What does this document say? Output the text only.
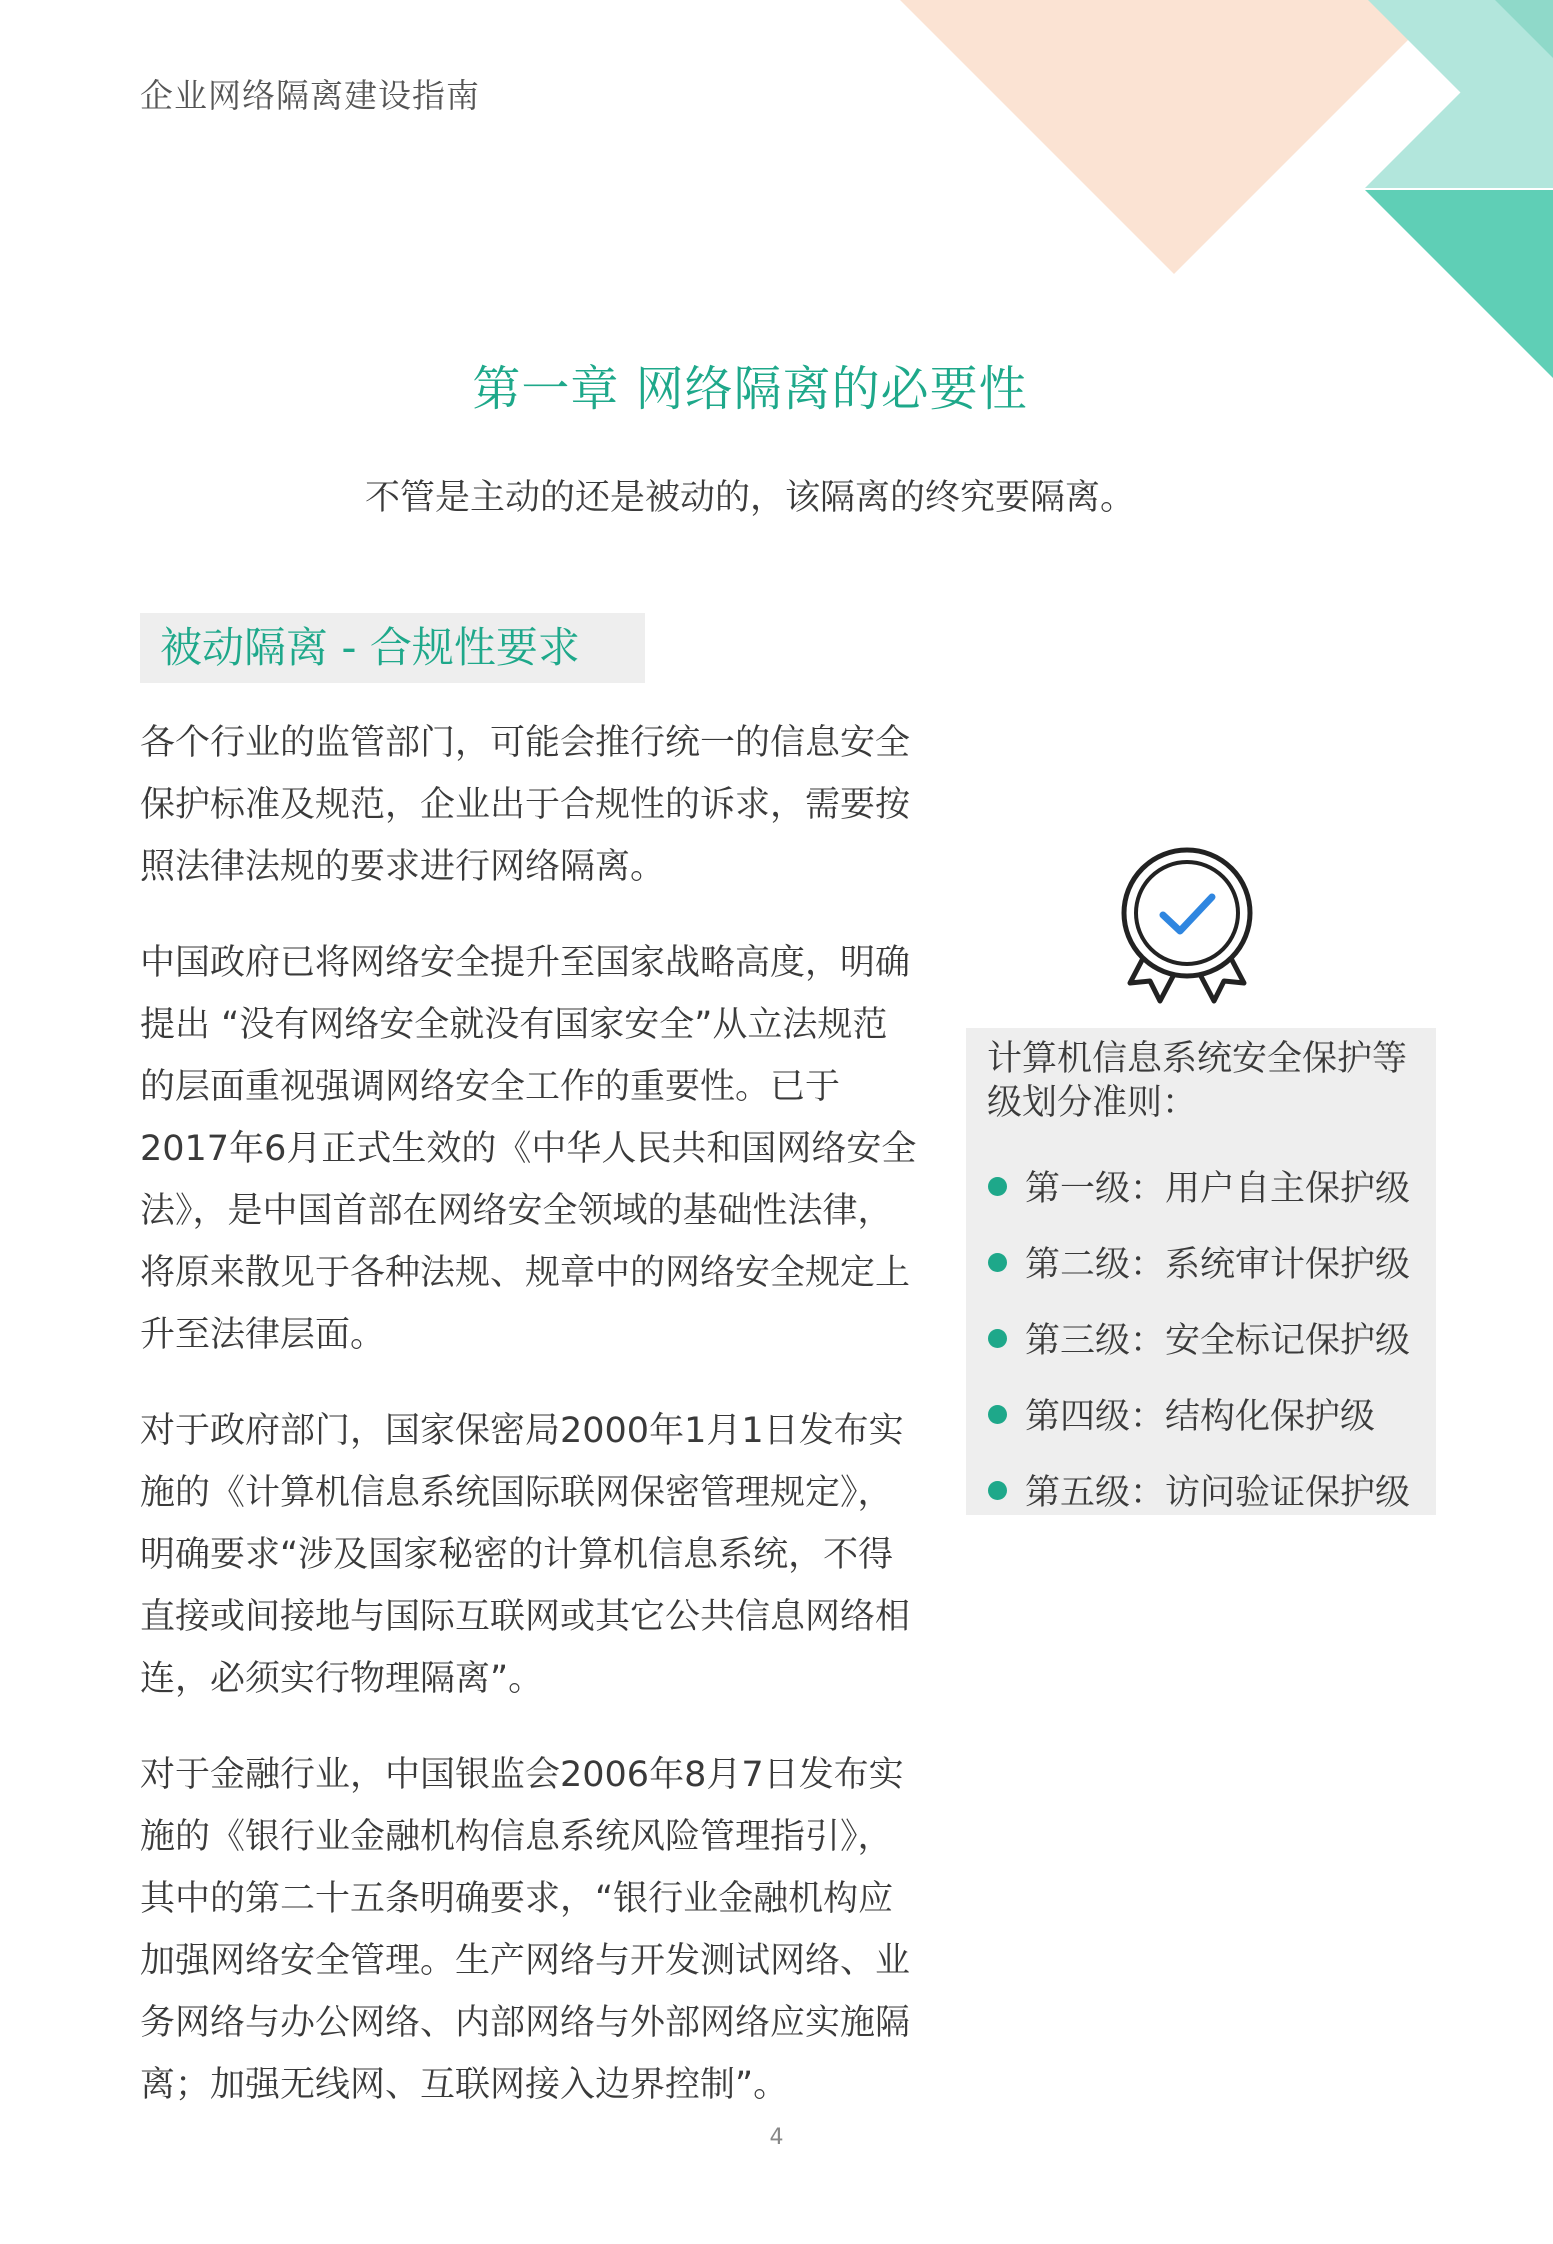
企业网络隔离建设指南
第一章 网络隔离的必要性
不管是主动的还是被动的，该隔离的终究要隔离。
被动隔离 - 合规性要求

各个行业的监管部门，可能会推行统一的信息安全保护标准及规范，企业出于合规性的诉求，需要按照法律法规的要求进行网络隔离。

中国政府已将网络安全提升至国家战略高度，明确提出 “没有网络安全就没有国家安全”从立法规范的层面重视强调网络安全工作的重要性。已于2017年6月正式生效的《中华人民共和国网络安全法》，是中国首部在网络安全领域的基础性法律，将原来散见于各种法规、规章中的网络安全规定上升至法律层面。

对于政府部门，国家保密局2000年1月1日发布实施的《计算机信息系统国际联网保密管理规定》，明确要求“涉及国家秘密的计算机信息系统，不得直接或间接地与国际互联网或其它公共信息网络相连，必须实行物理隔离”。

对于金融行业，中国银监会2006年8月7日发布实施的《银行业金融机构信息系统风险管理指引》，其中的第二十五条明确要求，“银行业金融机构应加强网络安全管理。生产网络与开发测试网络、业务网络与办公网络、内部网络与外部网络应实施隔离；加强无线网、互联网接入边界控制”。

计算机信息系统安全保护等级划分准则：
第一级：用户自主保护级
第二级：系统审计保护级
第三级：安全标记保护级
第四级：结构化保护级
第五级：访问验证保护级
4
